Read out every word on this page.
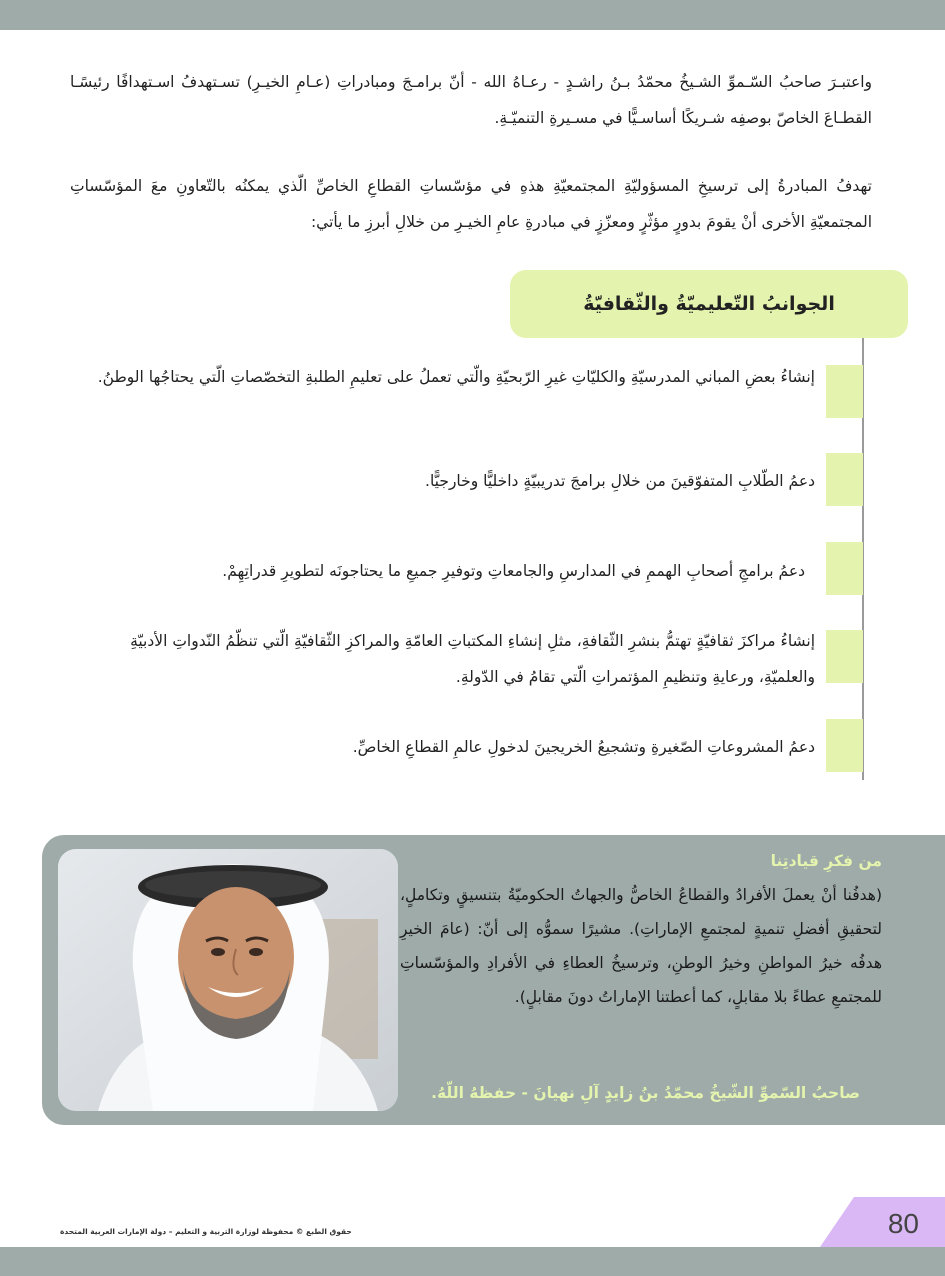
واعتبـرَ صاحبُ السّـموِّ الشـيخُ محمّدُ بـنُ راشـدٍ - رعـاهُ الله - أنّ برامـجَ ومبادراتِ (عـامِ الخيـرِ) تسـتهدفُ اسـتهدافًا رئيسًـا القطـاعَ الخاصّ بوصفِه شـريكًا أساسـيًّا في مسـيرةِ التنميّـةِ.

تهدفُ المبادرةُ إلى ترسيخِ المسؤوليّةِ المجتمعيّةِ هذهِ في مؤسّساتِ القطاعِ الخاصِّ الّذي يمكنُه بالتّعاونِ معَ المؤسّساتِ المجتمعيّةِ الأخرى أنْ يقومَ بدورٍ مؤثّرٍ ومعزّزٍ في مبادرةِ عامِ الخيـرِ من خلالِ أبرزِ ما يأتي:

الجوانبُ التّعليميّةُ والثّقافيّةُ

إنشاءُ بعضِ المباني المدرسيّةِ والكليّاتِ غيرِ الرّبحيّةِ والّتي تعملُ على تعليمِ الطلبةِ التخصّصاتِ الّتي يحتاجُها الوطنُ.

دعمُ الطّلابِ المتفوّقينَ من خلالِ برامجَ تدريبيّةٍ داخليًّا وخارجيًّا.

دعمُ برامجِ أصحابِ الهممِ في المدارسِ والجامعاتِ وتوفيرِ جميعِ ما يحتاجونَه لتطويرِ قدراتِهِمْ.

إنشاءُ مراكزَ ثقافيّةٍ تهتمُّ بنشرِ الثّقافةِ، مثلِ إنشاءِ المكتباتِ العامّةِ والمراكزِ الثّقافيّةِ الّتي تنظّمُ النّدواتِ الأدبيّةِ والعلميّةِ، ورعايةِ وتنظيمِ المؤتمراتِ الّتي تقامُ في الدّولةِ.

دعمُ المشروعاتِ الصّغيرةِ وتشجيعُ الخريجينَ لدخولِ عالمِ القطاعِ الخاصِّ.

من فكرِ قيادتِنا

(هدفُنا أنْ يعملَ الأفرادُ والقطاعُ الخاصُّ والجهاتُ الحكوميّةُ بتنسيقٍ وتكاملٍ، لتحقيقِ أفضلِ تنميةٍ لمجتمعِ الإماراتِ). مشيرًا سموُّه إلى أنّ: (عامَ الخيرِ هدفُه خيرُ المواطنِ وخيرُ الوطنِ، وترسيخُ العطاءِ في الأفرادِ والمؤسّساتِ للمجتمعِ عطاءً بلا مقابلٍ، كما أعطتنا الإماراتُ دونَ مقابلٍ).

صاحبُ السّموِّ الشّيخُ محمّدُ بنُ زايدٍ آلِ نهيانَ - حفظهُ اللّهُ.

حقوق الطبع © محفوظة لوزارة التربية و التعليم – دولة الإمارات العربية المتحدة	80
